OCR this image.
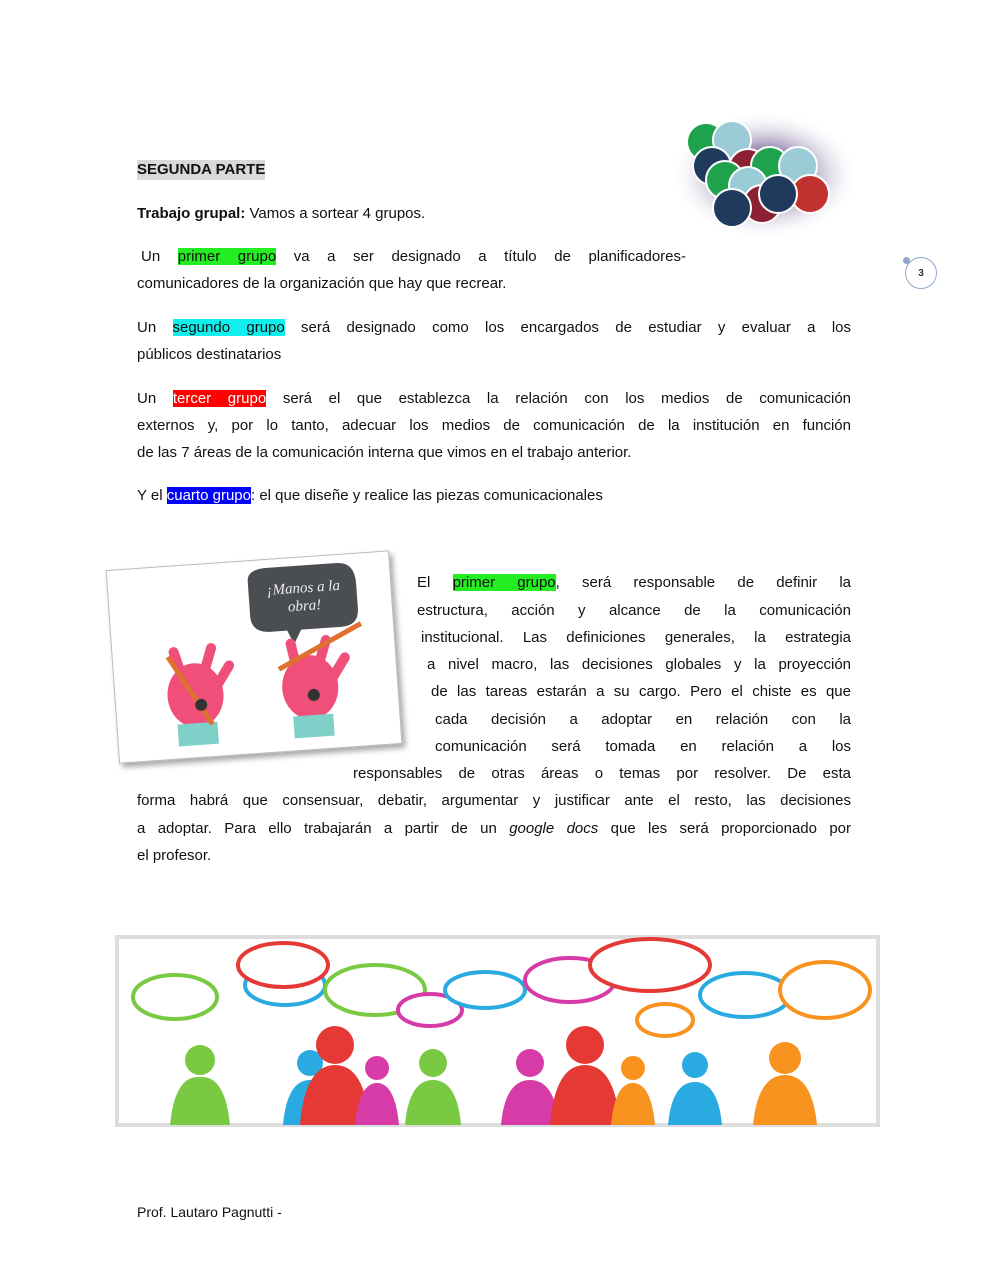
SEGUNDA PARTE
Trabajo grupal: Vamos a sortear 4 grupos.
Un primer grupo va a ser designado a título de planificadores-
comunicadores de la organización que hay que recrear.
3
Un segundo grupo será designado como los encargados de estudiar y evaluar a los
públicos destinatarios
Un tercer grupo será el que establezca la relación con los medios de comunicación
externos y, por lo tanto, adecuar los medios de comunicación de la institución en función
de las 7 áreas de la comunicación interna que vimos en el trabajo anterior.
Y el cuarto grupo: el que diseñe y realice las piezas comunicacionales
¡Manos a la obra!
El primer grupo, será responsable de definir la
estructura, acción y alcance de la comunicación
institucional. Las definiciones generales, la estrategia
a nivel macro, las decisiones globales y la proyección
de las tareas estarán a su cargo. Pero el chiste es que
cada decisión a adoptar en relación con la
comunicación será tomada en relación a los
responsables de otras áreas o temas por resolver. De esta
forma habrá que consensuar, debatir, argumentar y justificar ante el resto, las decisiones
a adoptar. Para ello trabajarán a partir de un google docs que les será proporcionado por
el profesor.
Prof. Lautaro Pagnutti -
